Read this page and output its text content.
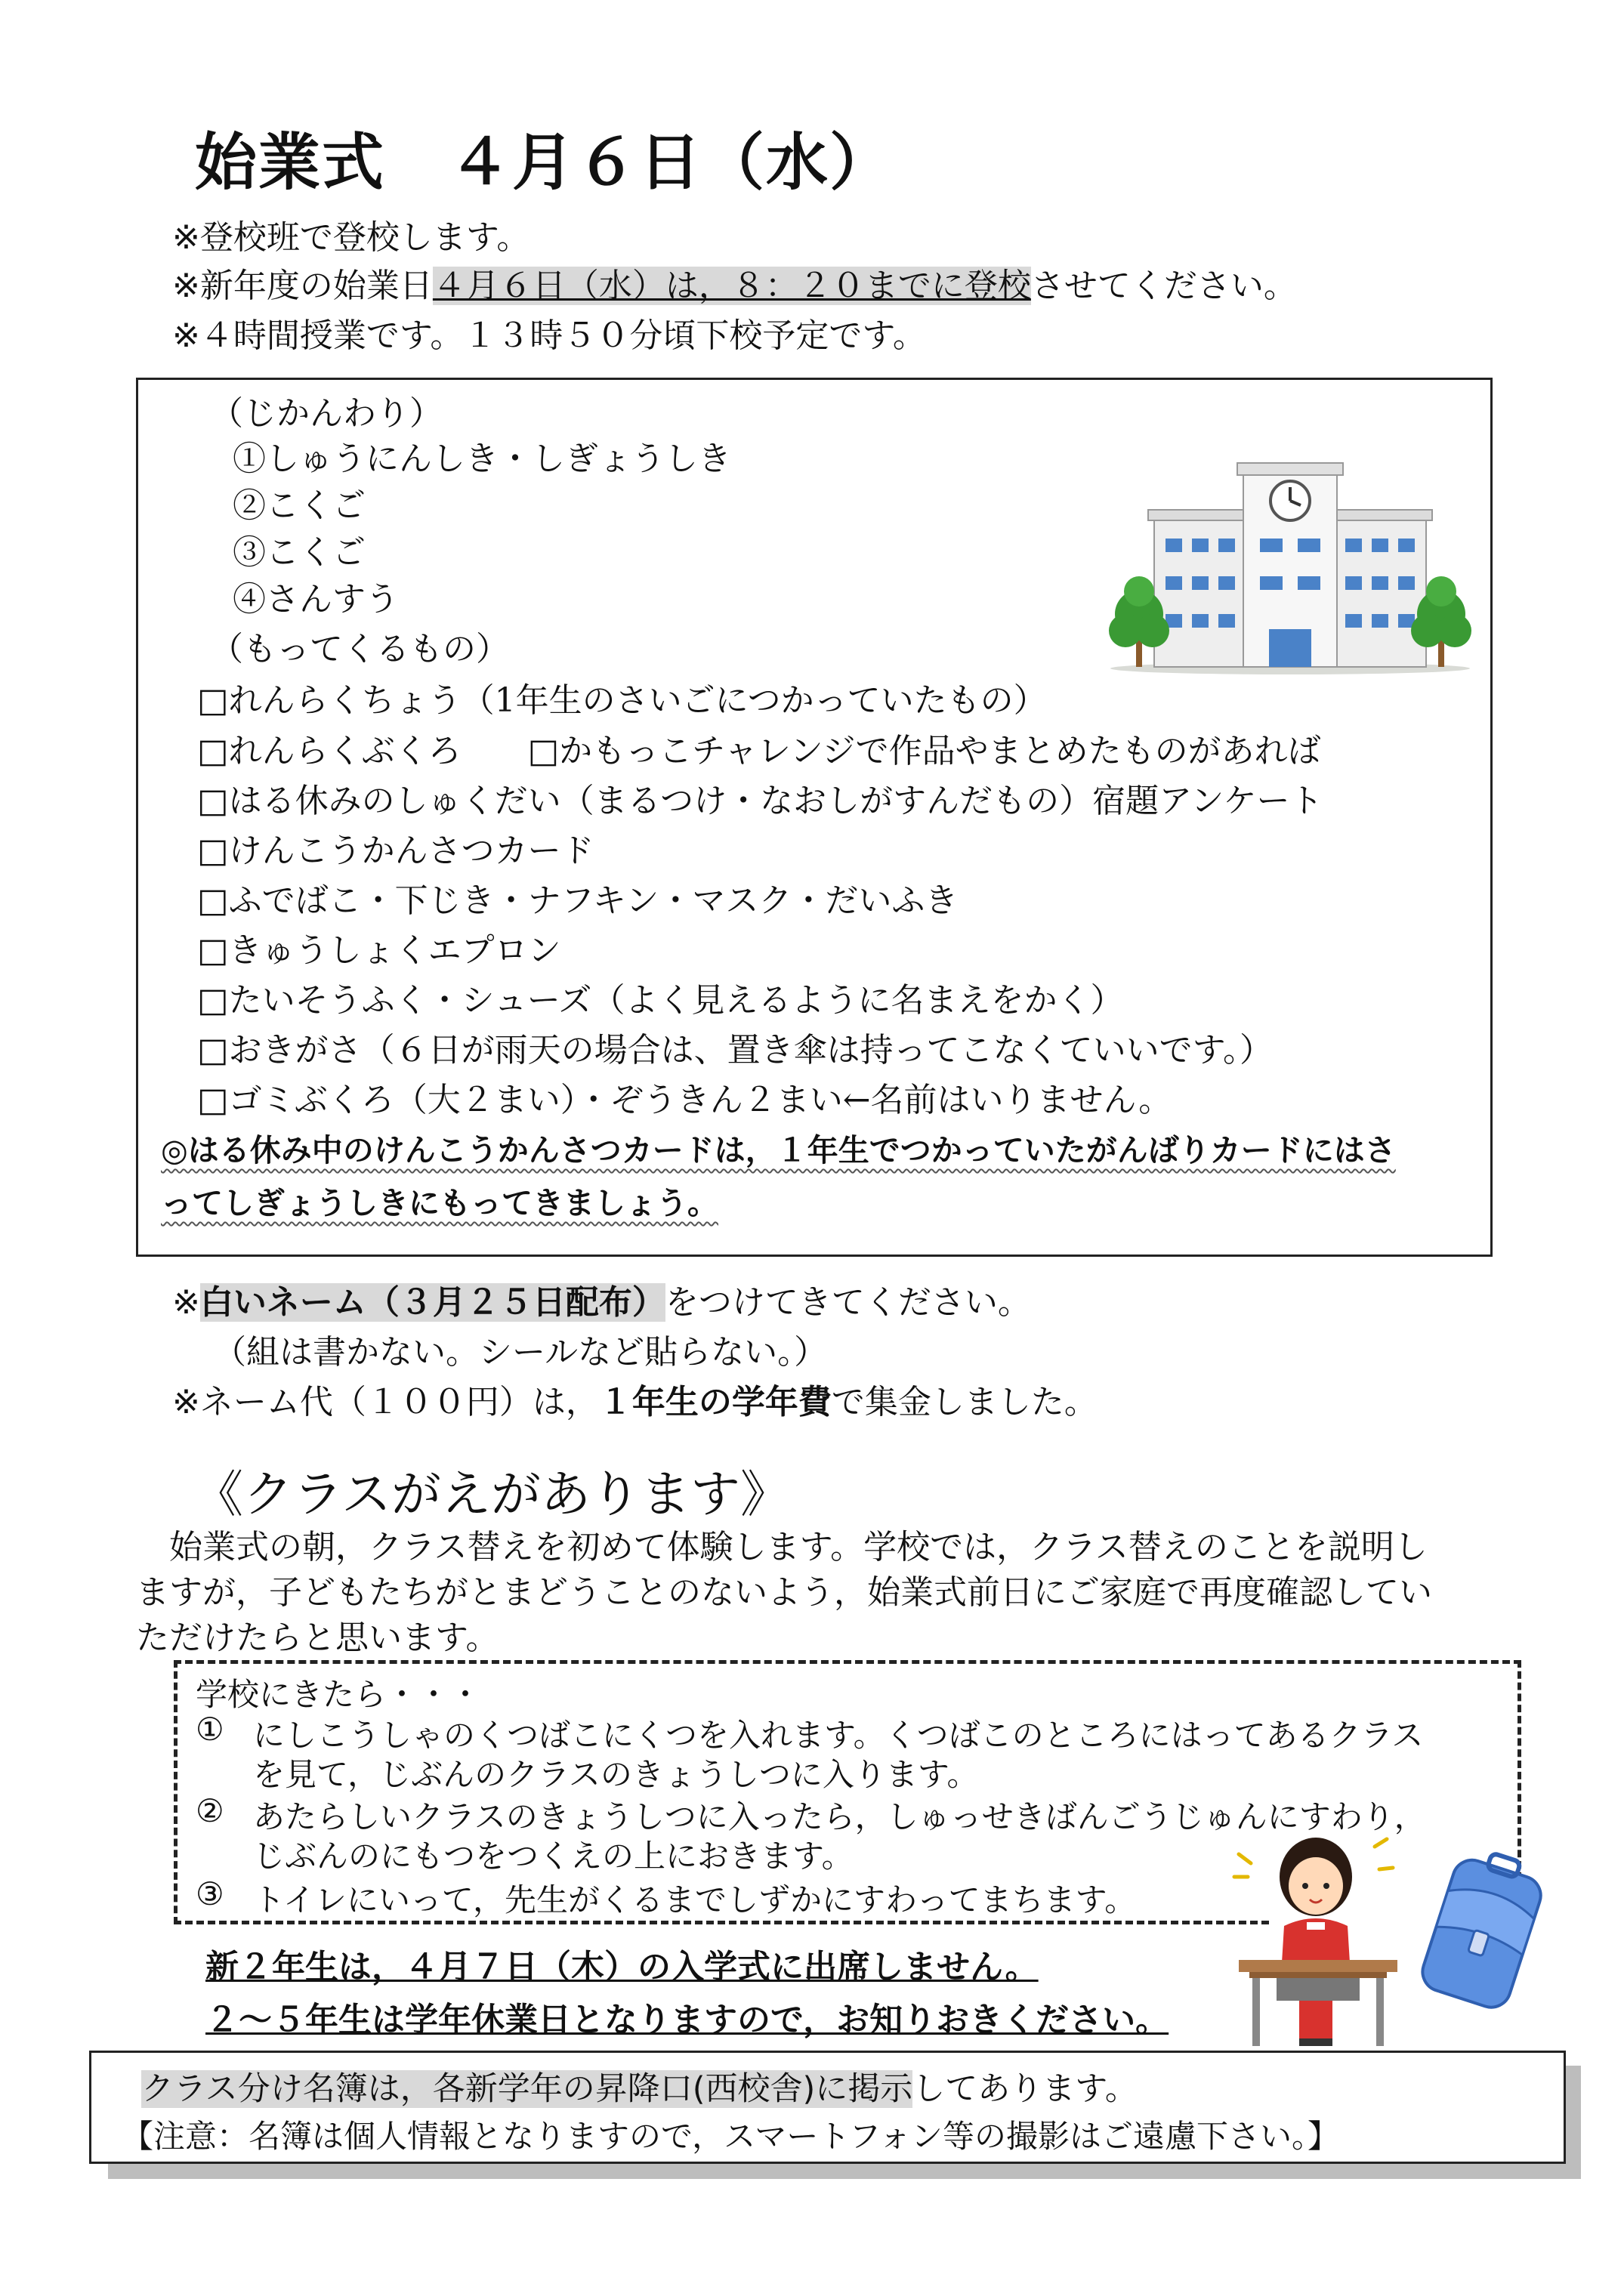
始業式　４月６日（水）
※登校班で登校します。
※新年度の始業日４月６日（水）は，８：２０までに登校させてください。
※４時間授業です。１３時５０分頃下校予定です。
（じかんわり）
①しゅうにんしき・しぎょうしき
②こくご
③こくご
④さんすう
（もってくるもの）
□れんらくちょう（1年生のさいごにつかっていたもの）
□れんらくぶくろ　　□かもっこチャレンジで作品やまとめたものがあれば
□はる休みのしゅくだい（まるつけ・なおしがすんだもの）宿題アンケート
□けんこうかんさつカード
□ふでばこ・下じき・ナフキン・マスク・だいふき
□きゅうしょくエプロン
□たいそうふく・シューズ（よく見えるように名まえをかく）
□おきがさ（６日が雨天の場合は、置き傘は持ってこなくていいです。）
□ゴミぶくろ（大２まい）・ぞうきん２まい←名前はいりません。
◎はる休み中のけんこうかんさつカードは，１年生でつかっていたがんばりカードにはさ
ってしぎょうしきにもってきましょう。
※白いネーム（３月２５日配布）をつけてきてください。
（組は書かない。シールなど貼らない。）
※ネーム代（１００円）は，１年生の学年費で集金しました。
《クラスがえがあります》
　始業式の朝，クラス替えを初めて体験します。学校では，クラス替えのことを説明し
ますが，子どもたちがとまどうことのないよう，始業式前日にご家庭で再度確認してい
ただけたらと思います。
学校にきたら・・・
① にしこうしゃのくつばこにくつを入れます。くつばこのところにはってあるクラス
を見て，じぶんのクラスのきょうしつに入ります。
② あたらしいクラスのきょうしつに入ったら，しゅっせきばんごうじゅんにすわり，
じぶんのにもつをつくえの上におきます。
③ トイレにいって，先生がくるまでしずかにすわってまちます。
新２年生は，４月７日（木）の入学式に出席しません。
２～５年生は学年休業日となりますので，お知りおきください。
クラス分け名簿は，各新学年の昇降口(西校舎)に掲示してあります。
【注意：名簿は個人情報となりますので，スマートフォン等の撮影はご遠慮下さい。】
